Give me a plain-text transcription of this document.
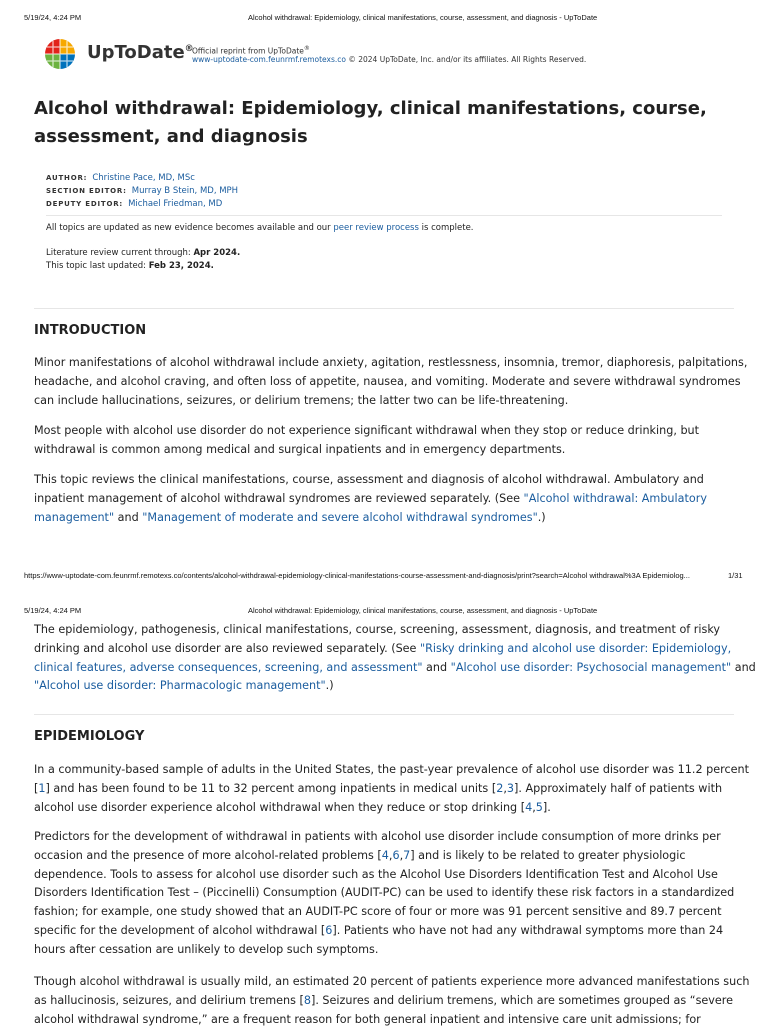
5/19/24, 4:24 PM	Alcohol withdrawal: Epidemiology, clinical manifestations, course, assessment, and diagnosis - UpToDate
UpToDate®
Official reprint from UpToDate®
www-uptodate-com.feunrmf.remotexs.co © 2024 UpToDate, Inc. and/or its affiliates. All Rights Reserved.
Alcohol withdrawal: Epidemiology, clinical manifestations, course,
assessment, and diagnosis
AUTHOR: Christine Pace, MD, MSc
SECTION EDITOR: Murray B Stein, MD, MPH
DEPUTY EDITOR: Michael Friedman, MD
All topics are updated as new evidence becomes available and our peer review process is complete.
Literature review current through: Apr 2024.
This topic last updated: Feb 23, 2024.
INTRODUCTION
Minor manifestations of alcohol withdrawal include anxiety, agitation, restlessness, insomnia, tremor, diaphoresis, palpitations,
headache, and alcohol craving, and often loss of appetite, nausea, and vomiting. Moderate and severe withdrawal syndromes
can include hallucinations, seizures, or delirium tremens; the latter two can be life-threatening.
Most people with alcohol use disorder do not experience significant withdrawal when they stop or reduce drinking, but
withdrawal is common among medical and surgical inpatients and in emergency departments.
This topic reviews the clinical manifestations, course, assessment and diagnosis of alcohol withdrawal. Ambulatory and
inpatient management of alcohol withdrawal syndromes are reviewed separately. (See "Alcohol withdrawal: Ambulatory
management" and "Management of moderate and severe alcohol withdrawal syndromes".)
https://www-uptodate-com.feunrmf.remotexs.co/contents/alcohol-withdrawal-epidemiology-clinical-manifestations-course-assessment-and-diagnosis/print?search=Alcohol withdrawal%3A Epidemiolog...	1/31
5/19/24, 4:24 PM	Alcohol withdrawal: Epidemiology, clinical manifestations, course, assessment, and diagnosis - UpToDate
The epidemiology, pathogenesis, clinical manifestations, course, screening, assessment, diagnosis, and treatment of risky
drinking and alcohol use disorder are also reviewed separately. (See "Risky drinking and alcohol use disorder: Epidemiology,
clinical features, adverse consequences, screening, and assessment" and "Alcohol use disorder: Psychosocial management" and
"Alcohol use disorder: Pharmacologic management".)
EPIDEMIOLOGY
In a community-based sample of adults in the United States, the past-year prevalence of alcohol use disorder was 11.2 percent
[1] and has been found to be 11 to 32 percent among inpatients in medical units [2,3]. Approximately half of patients with
alcohol use disorder experience alcohol withdrawal when they reduce or stop drinking [4,5].
Predictors for the development of withdrawal in patients with alcohol use disorder include consumption of more drinks per
occasion and the presence of more alcohol-related problems [4,6,7] and is likely to be related to greater physiologic
dependence. Tools to assess for alcohol use disorder such as the Alcohol Use Disorders Identification Test and Alcohol Use
Disorders Identification Test – (Piccinelli) Consumption (AUDIT-PC) can be used to identify these risk factors in a standardized
fashion; for example, one study showed that an AUDIT-PC score of four or more was 91 percent sensitive and 89.7 percent
specific for the development of alcohol withdrawal [6]. Patients who have not had any withdrawal symptoms more than 24
hours after cessation are unlikely to develop such symptoms.
Though alcohol withdrawal is usually mild, an estimated 20 percent of patients experience more advanced manifestations such
as hallucinosis, seizures, and delirium tremens [8]. Seizures and delirium tremens, which are sometimes grouped as “severe
alcohol withdrawal syndrome,” are a frequent reason for both general inpatient and intensive care unit admissions; for
